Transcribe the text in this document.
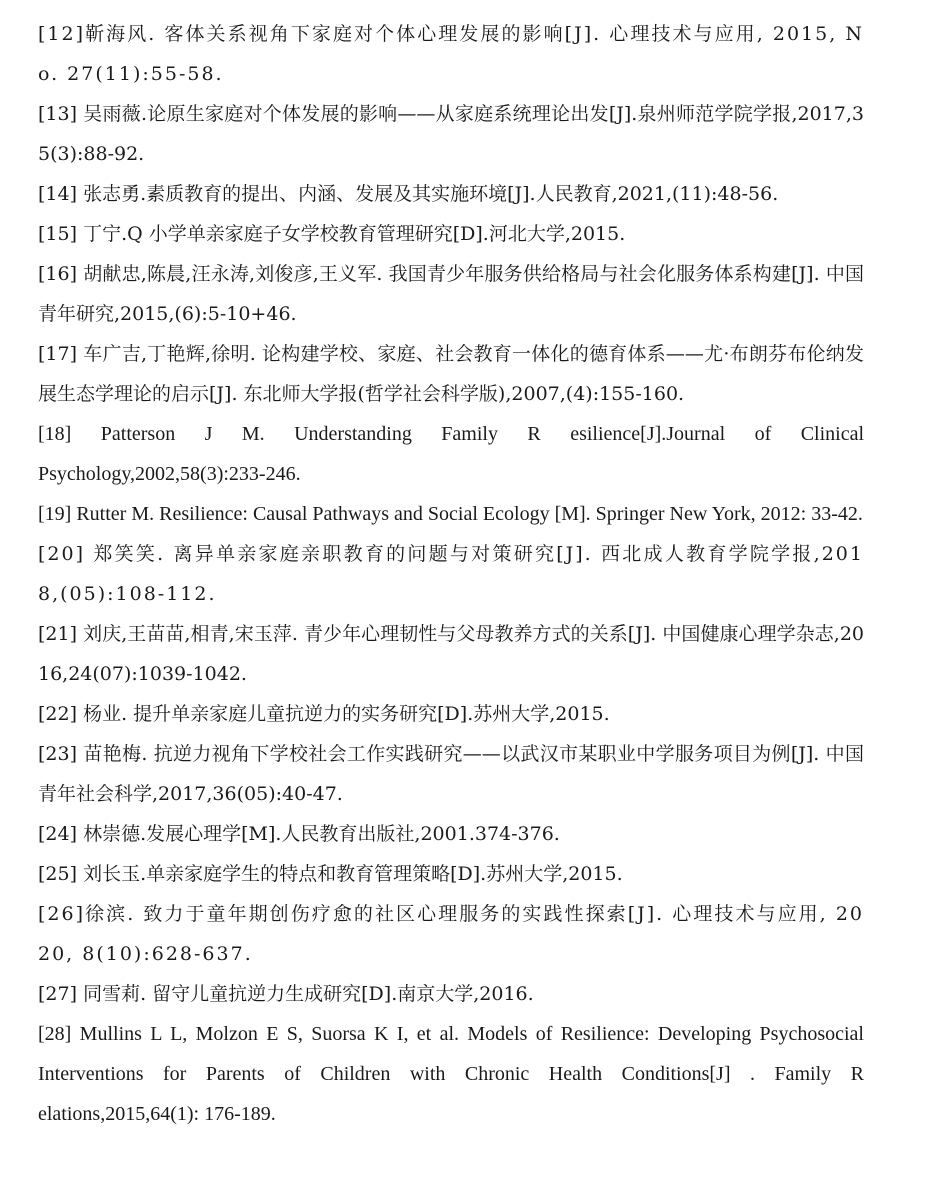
[12]靳海风. 客体关系视角下家庭对个体心理发展的影响[J]. 心理技术与应用, 2015, No. 27(11):55-58.

[13] 吴雨薇.论原生家庭对个体发展的影响——从家庭系统理论出发[J].泉州师范学院学报,2017,35(3):88-92.

[14] 张志勇.素质教育的提出、内涵、发展及其实施环境[J].人民教育,2021,(11):48-56.

[15] 丁宁.Q 小学单亲家庭子女学校教育管理研究[D].河北大学,2015.

[16] 胡献忠,陈晨,汪永涛,刘俊彦,王义军. 我国青少年服务供给格局与社会化服务体系构建[J]. 中国青年研究,2015,(6):5-10+46.

[17] 车广吉,丁艳辉,徐明. 论构建学校、家庭、社会教育一体化的德育体系——尤·布朗芬布伦纳发展生态学理论的启示[J]. 东北师大学报(哲学社会科学版),2007,(4):155-160.

[18] Patterson J M. Understanding Family R esilience[J].Journal of Clinical Psychology,2002,58(3):233-246.

[19] Rutter M. Resilience: Causal Pathways and Social Ecology [M]. Springer New York, 2012: 33-42.

[20] 郑笑笑. 离异单亲家庭亲职教育的问题与对策研究[J]. 西北成人教育学院学报,2018,(05):108-112.

[21] 刘庆,王苗苗,相青,宋玉萍. 青少年心理韧性与父母教养方式的关系[J]. 中国健康心理学杂志,2016,24(07):1039-1042.

[22] 杨业. 提升单亲家庭儿童抗逆力的实务研究[D].苏州大学,2015.

[23] 苗艳梅. 抗逆力视角下学校社会工作实践研究——以武汉市某职业中学服务项目为例[J]. 中国青年社会科学,2017,36(05):40-47.

[24] 林崇德.发展心理学[M].人民教育出版社,2001.374-376.

[25] 刘长玉.单亲家庭学生的特点和教育管理策略[D].苏州大学,2015.

[26]徐滨. 致力于童年期创伤疗愈的社区心理服务的实践性探索[J]. 心理技术与应用, 2020, 8(10):628-637.

[27] 同雪莉. 留守儿童抗逆力生成研究[D].南京大学,2016.

[28] Mullins L L, Molzon E S, Suorsa K I, et al. Models of Resilience: Developing Psychosocial Interventions for Parents of Children with Chronic Health Conditions[J] . Family R elations,2015,64(1): 176-189.
